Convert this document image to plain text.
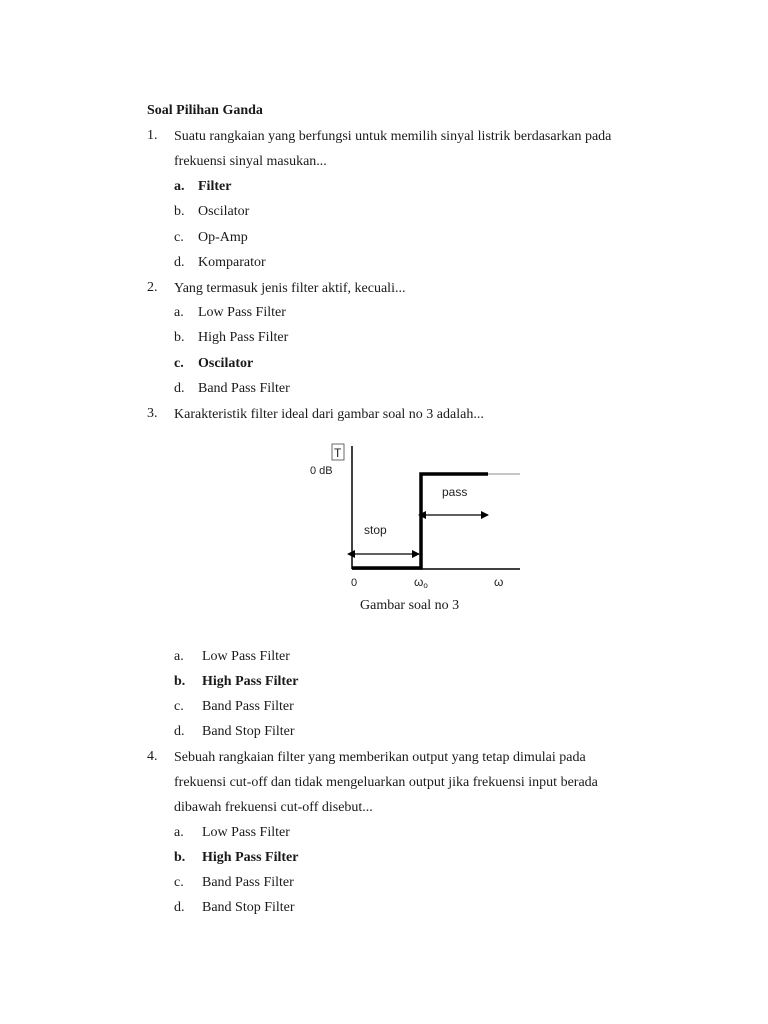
Soal Pilihan Ganda
1. Suatu rangkaian yang berfungsi untuk memilih sinyal listrik berdasarkan pada
frekuensi sinyal masukan...
a. Filter
b. Oscilator
c. Op-Amp
d. Komparator
2. Yang termasuk jenis filter aktif, kecuali...
a. Low Pass Filter
b. High Pass Filter
c. Oscilator
d. Band Pass Filter
3. Karakteristik filter ideal dari gambar soal no 3 adalah...
T
0 dB
pass
stop
0	ωo	ω
Gambar soal no 3
a. Low Pass Filter
b. High Pass Filter
c. Band Pass Filter
d. Band Stop Filter
4. Sebuah rangkaian filter yang memberikan output yang tetap dimulai pada
frekuensi cut-off dan tidak mengeluarkan output jika frekuensi input berada
dibawah frekuensi cut-off disebut...
a. Low Pass Filter
b. High Pass Filter
c. Band Pass Filter
d. Band Stop Filter
